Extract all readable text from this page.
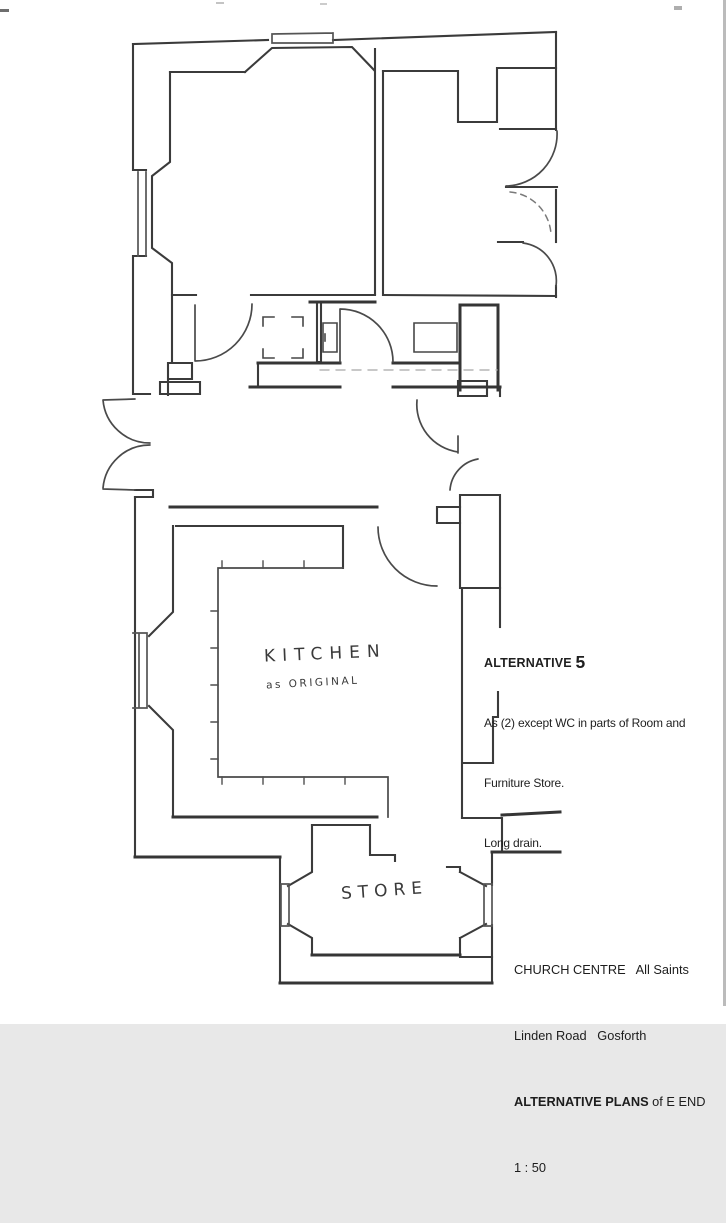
KITCHEN
as ORIGINAL
STORE

ALTERNATIVE 5

As (2) except WC in parts of Room and

Furniture Store.

Long drain.

CHURCH CENTRE   All Saints

Linden Road   Gosforth

ALTERNATIVE PLANS of E END

1 : 50
